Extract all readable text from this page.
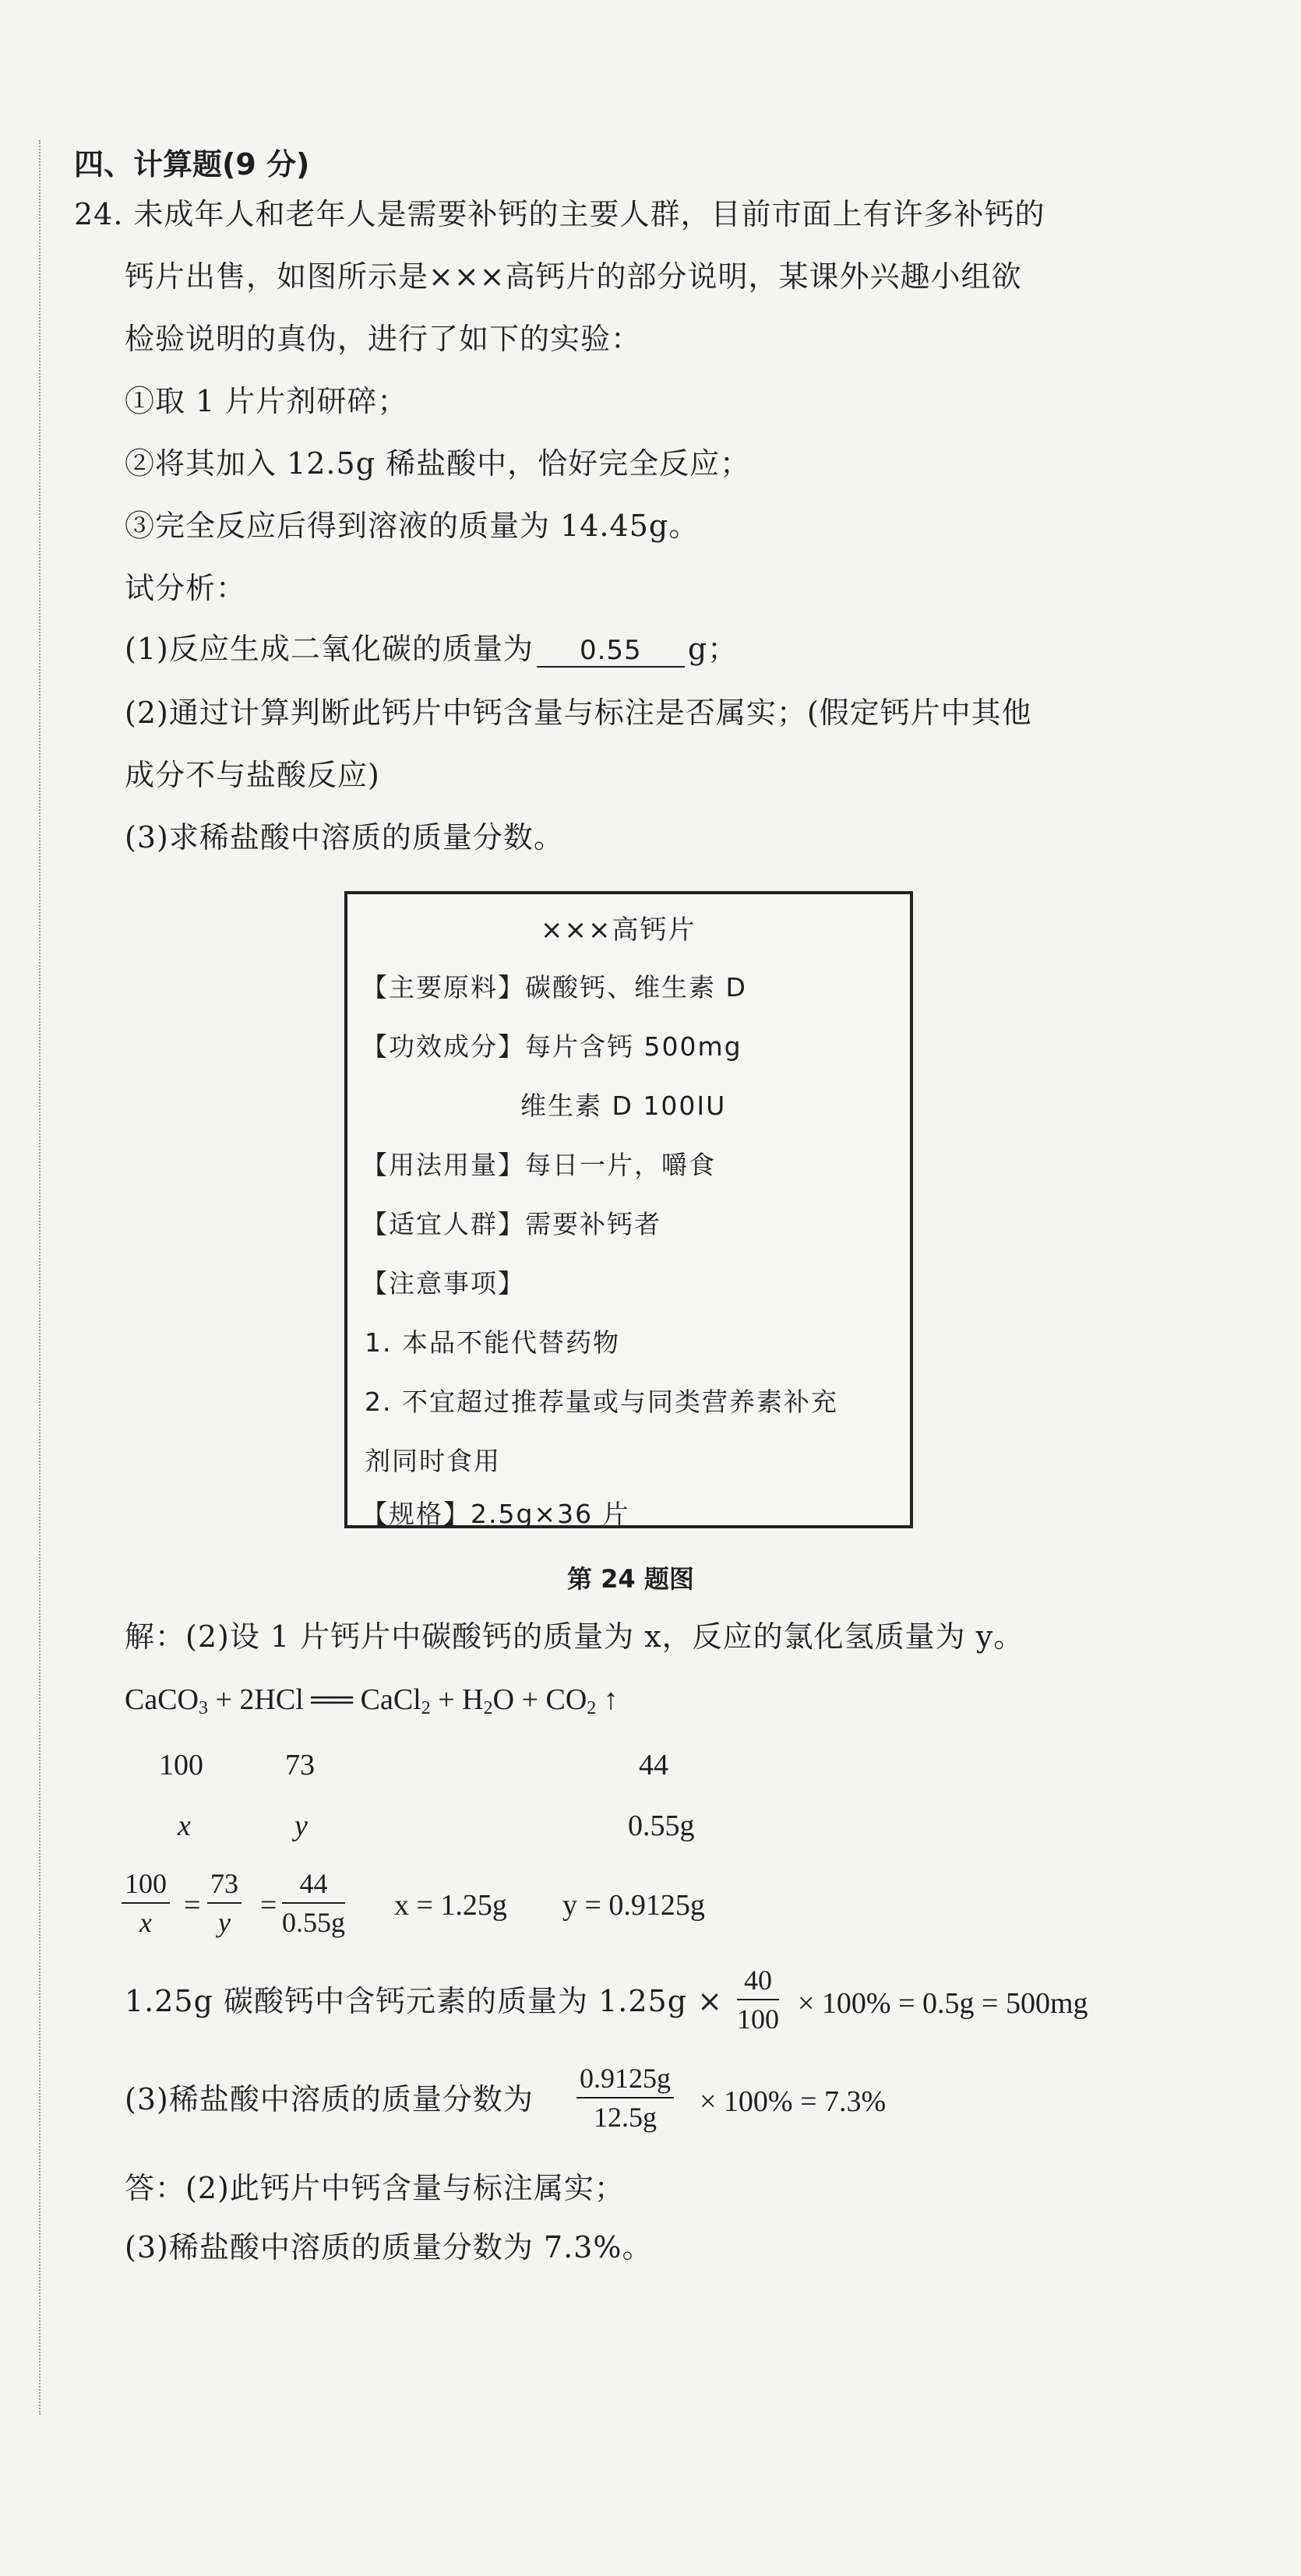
四、计算题(9 分)
24. 未成年人和老年人是需要补钙的主要人群，目前市面上有许多补钙的
钙片出售，如图所示是×××高钙片的部分说明，某课外兴趣小组欲
检验说明的真伪，进行了如下的实验：
①取 1 片片剂研碎；
②将其加入 12.5g 稀盐酸中，恰好完全反应；
③完全反应后得到溶液的质量为 14.45g。
试分析：
(1)反应生成二氧化碳的质量为 0.55 g；
(2)通过计算判断此钙片中钙含量与标注是否属实；(假定钙片中其他
成分不与盐酸反应)
(3)求稀盐酸中溶质的质量分数。
×××高钙片
【主要原料】碳酸钙、维生素 D
【功效成分】每片含钙 500mg
维生素 D 100IU
【用法用量】每日一片，嚼食
【适宜人群】需要补钙者
【注意事项】
1. 本品不能代替药物
2. 不宜超过推荐量或与同类营养素补充
剂同时食用
【规格】2.5g×36 片
第 24 题图
解：(2)设 1 片钙片中碳酸钙的质量为 x，反应的氯化氢质量为 y。
CaCO$_3$ + 2HCl ══ CaCl$_2$ + $H_2O + CO_2$ ↑
100	73	44
x	y	0.55g
$\frac{100}{x} = \frac{73}{y} = \frac{44}{0.55g}$ x = 1.25g y = 0.9125g
1.25g 碳酸钙中含钙元素的质量为 $1.25g \times \frac{40}{100} \times 100\% = 0.5g = 500mg$
(3)稀盐酸中溶质的质量分数为 $\frac{0.9125g}{12.5g} \times 100\% = 7.3\%$
答：(2)此钙片中钙含量与标注属实；
(3)稀盐酸中溶质的质量分数为 7.3%。
